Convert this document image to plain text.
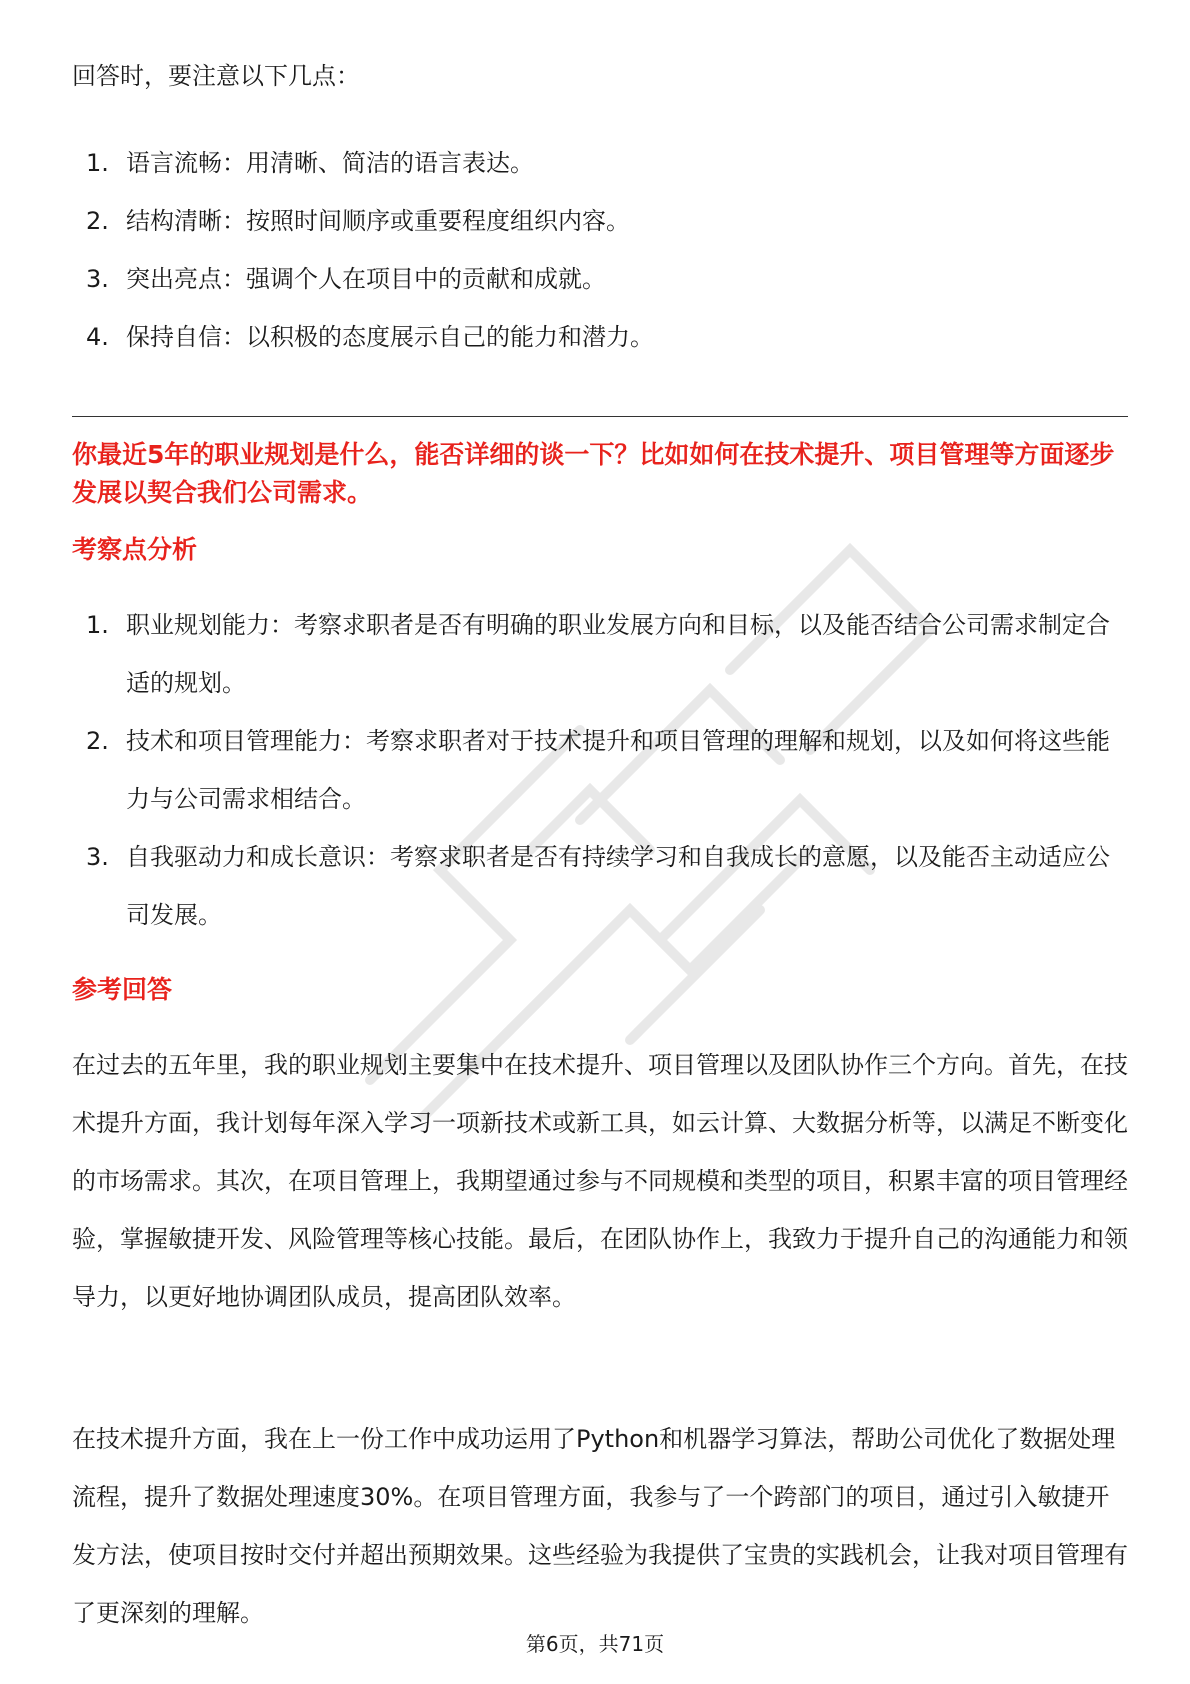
回答时，要注意以下几点：

1. 语言流畅：用清晰、简洁的语言表达。
2. 结构清晰：按照时间顺序或重要程度组织内容。
3. 突出亮点：强调个人在项目中的贡献和成就。
4. 保持自信：以积极的态度展示自己的能力和潜力。

你最近5年的职业规划是什么，能否详细的谈一下？比如如何在技术提升、项目管理等方面逐步发展以契合我们公司需求。

考察点分析

1. 职业规划能力：考察求职者是否有明确的职业发展方向和目标，以及能否结合公司需求制定合适的规划。
2. 技术和项目管理能力：考察求职者对于技术提升和项目管理的理解和规划，以及如何将这些能力与公司需求相结合。
3. 自我驱动力和成长意识：考察求职者是否有持续学习和自我成长的意愿，以及能否主动适应公司发展。

参考回答

在过去的五年里，我的职业规划主要集中在技术提升、项目管理以及团队协作三个方向。首先，在技术提升方面，我计划每年深入学习一项新技术或新工具，如云计算、大数据分析等，以满足不断变化的市场需求。其次，在项目管理上，我期望通过参与不同规模和类型的项目，积累丰富的项目管理经验，掌握敏捷开发、风险管理等核心技能。最后，在团队协作上，我致力于提升自己的沟通能力和领导力，以更好地协调团队成员，提高团队效率。

在技术提升方面，我在上一份工作中成功运用了Python和机器学习算法，帮助公司优化了数据处理流程，提升了数据处理速度30%。在项目管理方面，我参与了一个跨部门的项目，通过引入敏捷开发方法，使项目按时交付并超出预期效果。这些经验为我提供了宝贵的实践机会，让我对项目管理有了更深刻的理解。

第6页，共71页
